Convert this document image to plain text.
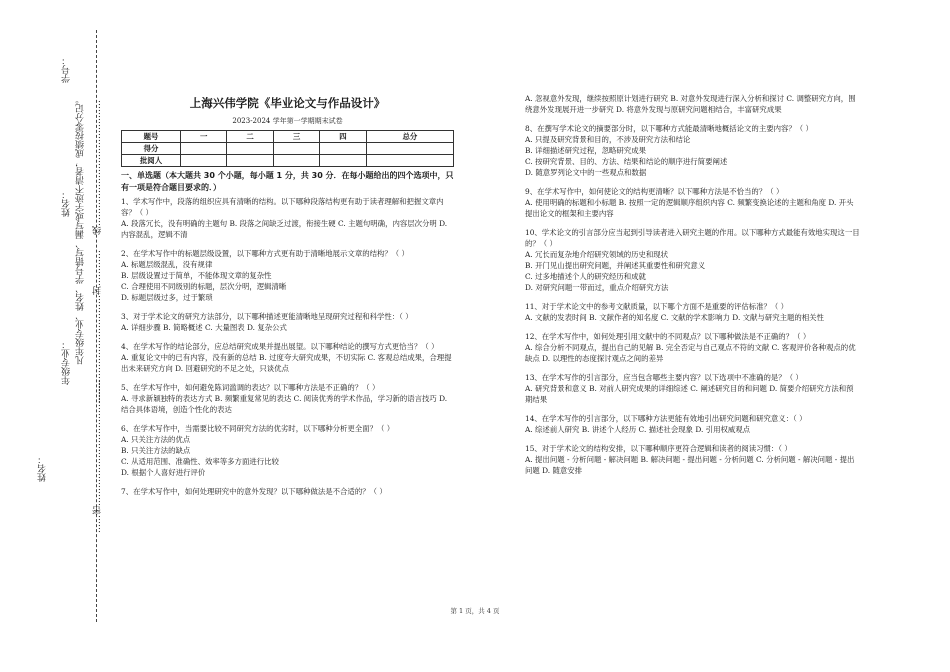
学号：
线……………………………………
凡年级专业、姓名、学号错写、漏写或字迹不清者，成绩按零分记。
姓名：
………………………………封…………
年级专业：
……密……………………………………
姓名：
上海兴伟学院《毕业论文与作品设计》
2023-2024 学年第一学期期末试卷
题号	一	二	三	四	总分
得分					
批阅人					
一、单选题（本大题共 30 个小题，每小题 1 分，共 30 分．在每小题给出的四个选项中，只有一项是符合题目要求的．）
1、学术写作中，段落的组织应具有清晰的结构。以下哪种段落结构更有助于读者理解和把握文章内容？（ ）
A. 段落冗长，没有明确的主题句 B. 段落之间缺乏过渡，衔接生硬 C. 主题句明确，内容层次分明 D. 内容混乱，逻辑不清
2、在学术写作中的标题层级设置，以下哪种方式更有助于清晰地展示文章的结构？（ ）
A. 标题层级混乱，没有规律
B. 层级设置过于简单，不能体现文章的复杂性
C. 合理使用不同级别的标题，层次分明，逻辑清晰
D. 标题层级过多，过于繁琐
3、对于学术论文的研究方法部分，以下哪种描述更能清晰地呈现研究过程和科学性：（ ）
A. 详细步骤 B. 简略概述 C. 大量图表 D. 复杂公式
4、在学术写作的结论部分，应总结研究成果并提出展望。以下哪种结论的撰写方式更恰当？（ ）
A. 重复论文中的已有内容，没有新的总结 B. 过度夸大研究成果，不切实际 C. 客观总结成果，合理提出未来研究方向 D. 回避研究的不足之处，只谈优点
5、在学术写作中，如何避免陈词滥调的表达？以下哪种方法是不正确的？（ ）
A. 寻求新颖独特的表达方式 B. 频繁重复常见的表达 C. 阅读优秀的学术作品，学习新的语言技巧 D. 结合具体语境，创造个性化的表达
6、在学术写作中，当需要比较不同研究方法的优劣时，以下哪种分析更全面？（ ）
A. 只关注方法的优点
B. 只关注方法的缺点
C. 从适用范围、准确性、效率等多方面进行比较
D. 根据个人喜好进行评价
7、在学术写作中，如何处理研究中的意外发现？以下哪种做法是不合适的？（ ）
A. 忽视意外发现，继续按照原计划进行研究 B. 对意外发现进行深入分析和探讨 C. 调整研究方向，围绕意外发现展开进一步研究 D. 将意外发现与原研究问题相结合，丰富研究成果
8、在撰写学术论文的摘要部分时，以下哪种方式能最清晰地概括论文的主要内容？（ ）
A. 只提及研究背景和目的，不涉及研究方法和结论
B. 详细描述研究过程，忽略研究成果
C. 按研究背景、目的、方法、结果和结论的顺序进行简要阐述
D. 随意罗列论文中的一些观点和数据
9、在学术写作中，如何使论文的结构更清晰？以下哪种方法是不恰当的？（ ）
A. 使用明确的标题和小标题 B. 按照一定的逻辑顺序组织内容 C. 频繁变换论述的主题和角度 D. 开头提出论文的框架和主要内容
10、学术论文的引言部分应当起到引导读者进入研究主题的作用。以下哪种方式最能有效地实现这一目的？（ ）
A. 冗长而复杂地介绍研究领域的历史和现状
B. 开门见山提出研究问题，并阐述其重要性和研究意义
C. 过多地描述个人的研究经历和成就
D. 对研究问题一带而过，重点介绍研究方法
11、对于学术论文中的参考文献质量，以下哪个方面不是重要的评估标准？（ ）
A. 文献的发表时间 B. 文献作者的知名度 C. 文献的学术影响力 D. 文献与研究主题的相关性
12、在学术写作中，如何处理引用文献中的不同观点？以下哪种做法是不正确的？（ ）
A. 综合分析不同观点，提出自己的见解 B. 完全否定与自己观点不符的文献 C. 客观评价各种观点的优缺点 D. 以理性的态度探讨观点之间的差异
13、在学术写作的引言部分，应当包含哪些主要内容？以下选项中不准确的是？（ ）
A. 研究背景和意义 B. 对前人研究成果的详细综述 C. 阐述研究目的和问题 D. 简要介绍研究方法和预期结果
14、在学术写作的引言部分，以下哪种方法更能有效地引出研究问题和研究意义：（ ）
A. 综述前人研究 B. 讲述个人经历 C. 描述社会现象 D. 引用权威观点
15、对于学术论文的结构安排，以下哪种顺序更符合逻辑和读者的阅读习惯：（ ）
A. 提出问题 - 分析问题 - 解决问题 B. 解决问题 - 提出问题 - 分析问题 C. 分析问题 - 解决问题 - 提出问题 D. 随意安排
第 1 页，共 4 页
